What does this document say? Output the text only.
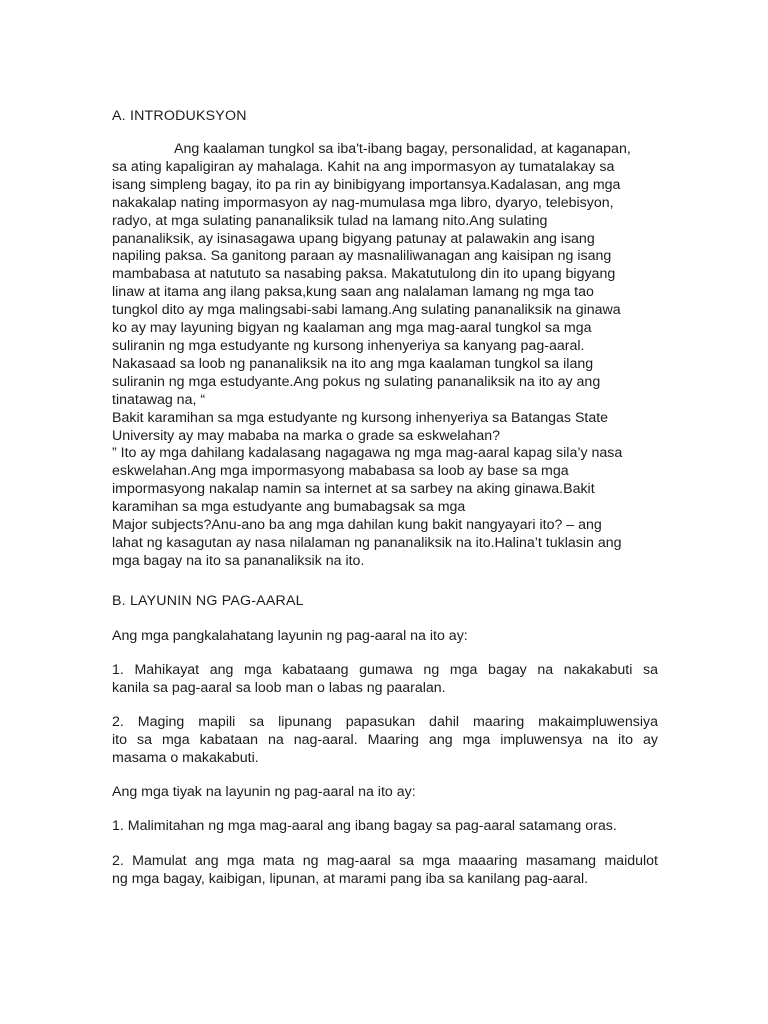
A. INTRODUKSYON
Ang kaalaman tungkol sa iba't-ibang bagay, personalidad, at kaganapan,
sa ating kapaligiran ay mahalaga. Kahit na ang impormasyon ay tumatalakay sa
isang simpleng bagay, ito pa rin ay binibigyang importansya.Kadalasan, ang mga
nakakalap nating impormasyon ay nag-mumulasa mga libro, dyaryo, telebisyon,
radyo, at mga sulating pananaliksik tulad na lamang nito.Ang sulating
pananaliksik, ay isinasagawa upang bigyang patunay at palawakin ang isang
napiling paksa. Sa ganitong paraan ay masnaliliwanagan ang kaisipan ng isang
mambabasa at natututo sa nasabing paksa. Makatutulong din ito upang bigyang
linaw at itama ang ilang paksa,kung saan ang nalalaman lamang ng mga tao
tungkol dito ay mga malingsabi-sabi lamang.Ang sulating pananaliksik na ginawa
ko ay may layuning bigyan ng kaalaman ang mga mag-aaral tungkol sa mga
suliranin ng mga estudyante ng kursong inhenyeriya sa kanyang pag-aaral.
Nakasaad sa loob ng pananaliksik na ito ang mga kaalaman tungkol sa ilang
suliranin ng mga estudyante.Ang pokus ng sulating pananaliksik na ito ay ang
tinatawag na, “
Bakit karamihan sa mga estudyante ng kursong inhenyeriya sa Batangas State
University ay may mababa na marka o grade sa eskwelahan?
” Ito ay mga dahilang kadalasang nagagawa ng mga mag-aaral kapag sila’y nasa
eskwelahan.Ang mga impormasyong mababasa sa loob ay base sa mga
impormasyong nakalap namin sa internet at sa sarbey na aking ginawa.Bakit
karamihan sa mga estudyante ang bumabagsak sa mga
Major subjects?Anu-ano ba ang mga dahilan kung bakit nangyayari ito? – ang
lahat ng kasagutan ay nasa nilalaman ng pananaliksik na ito.Halina’t tuklasin ang
mga bagay na ito sa pananaliksik na ito.
B. LAYUNIN NG PAG-AARAL
Ang mga pangkalahatang layunin ng pag-aaral na ito ay:
1. Mahikayat ang mga kabataang gumawa ng mga bagay na nakakabuti sa
kanila sa pag-aaral sa loob man o labas ng paaralan.
2. Maging mapili sa lipunang papasukan dahil maaring makaimpluwensiya
ito sa mga kabataan na nag-aaral. Maaring ang mga impluwensya na ito ay
masama o makakabuti.
Ang mga tiyak na layunin ng pag-aaral na ito ay:
1. Malimitahan ng mga mag-aaral ang ibang bagay sa pag-aaral satamang oras.
2. Mamulat ang mga mata ng mag-aaral sa mga maaaring masamang maidulot
ng mga bagay, kaibigan, lipunan, at marami pang iba sa kanilang pag-aaral.
